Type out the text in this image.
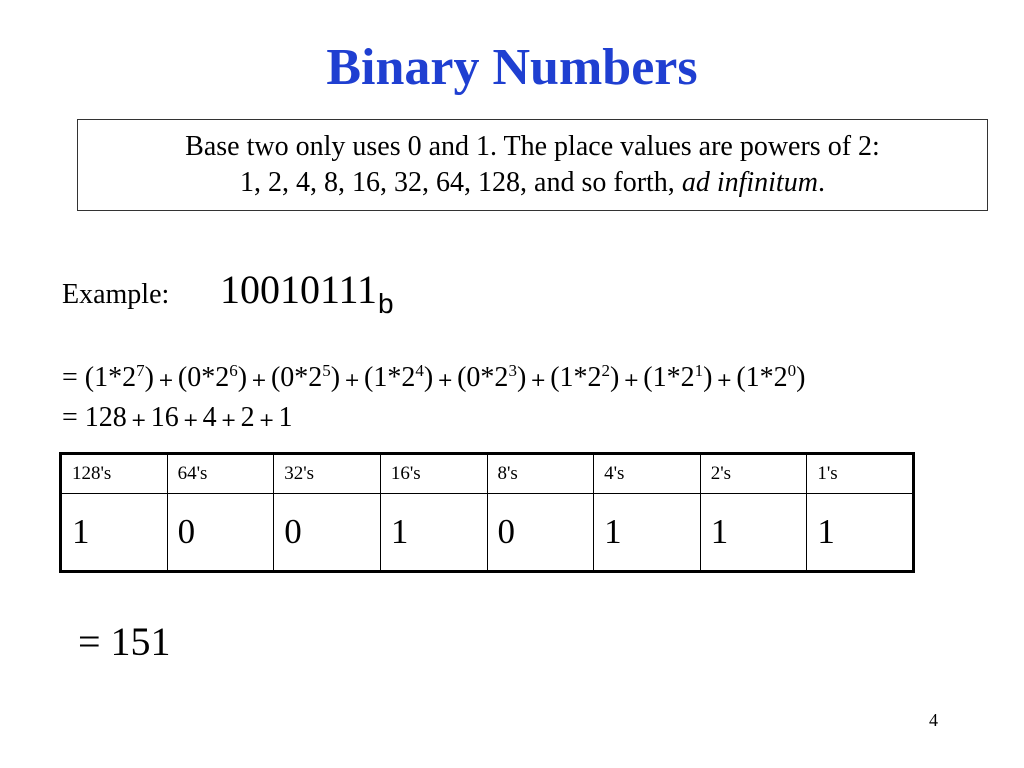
Binary Numbers
Base two only uses 0 and 1. The place values are powers of 2:
1, 2, 4, 8, 16, 32, 64, 128, and so forth, ad infinitum.
Example: $10010111_b$
= $(1*2^7) + (0*2^6) + (0*2^5) + (1*2^4) + (0*2^3) + (1*2^2) + (1*2^1) + (1*2^0)$
= 128 + 16 + 4 + 2 + 1
128's	64's	32's	16's	8's	4's	2's	1's
1	0	0	1	0	1	1	1
= 151
4
